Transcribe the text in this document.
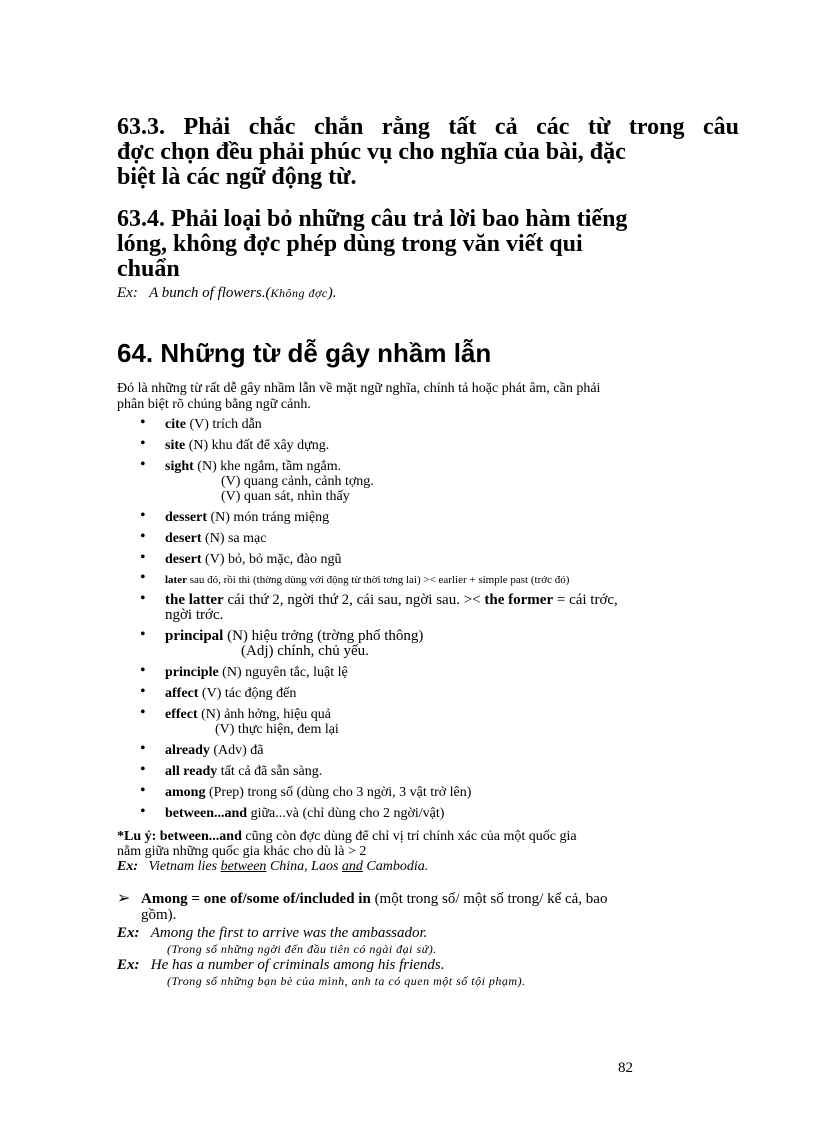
63.3. Phải chắc chắn rằng tất cả các từ trong câu
đợc chọn đều phải phúc vụ cho nghĩa của bài, đặc
biệt là các ngữ động từ.
63.4. Phải loại bỏ những câu trả lời bao hàm tiếng
lóng, không đợc phép dùng trong văn viết qui
chuẩn
Ex: A bunch of flowers.(Không đợc).
64. Những từ dễ gây nhầm lẫn
Đó là những từ rất dễ gây nhầm lẫn về mặt ngữ nghĩa, chính tả hoặc phát âm, cần phải
phân biệt rõ chúng bằng ngữ cảnh.
• cite (V) trích dẫn
• site (N) khu đất để xây dựng.
• sight (N) khe ngắm, tầm ngắm.
(V) quang cảnh, cảnh tợng.
(V) quan sát, nhìn thấy
• dessert (N) món tráng miệng
• desert (N) sa mạc
• desert (V) bỏ, bỏ mặc, đào ngũ
• later sau đó, rồi thì (thờng dùng với động từ thời tơng lai) >< earlier + simple past (trớc đó)
• the latter cái thứ 2, ngời thứ 2, cái sau, ngời sau. >< the former = cái trớc,
ngời trớc.
• principal (N) hiệu trởng (trờng phổ thông)
(Adj) chính, chủ yếu.
• principle (N) nguyên tắc, luật lệ
• affect (V) tác động đến
• effect (N) ảnh hởng, hiệu quả
(V) thực hiện, đem lại
• already (Adv) đã
• all ready tất cả đã sẵn sàng.
• among (Prep) trong số (dùng cho 3 ngời, 3 vật trở lên)
• between...and giữa...và (chỉ dùng cho 2 ngời/vật)
*Lu ý: between...and cũng còn đợc dùng để chỉ vị trí chính xác của một quốc gia
nằm giữa những quốc gia khác cho dù là > 2
Ex: Vietnam lies between China, Laos and Cambodia.
➢ Among = one of/some of/included in (một trong số/ một số trong/ kể cả, bao
gồm).
Ex: Among the first to arrive was the ambassador.
(Trong số những ngời đến đầu tiên có ngài đại sứ).
Ex: He has a number of criminals among his friends.
(Trong số những bạn bè của mình, anh ta có quen một số tội phạm).
82
